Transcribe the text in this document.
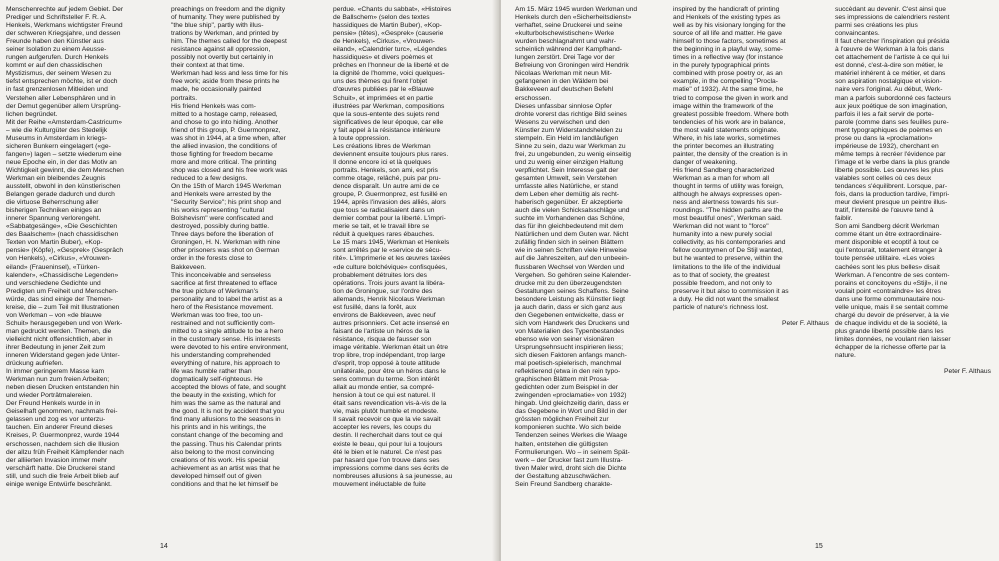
Menschenrechte auf jedem Gebiet. Der
Prediger und Schriftsteller F. R. A.
Henkels, Werkmans wichtigster Freund
der schweren Kriegsjahre, und dessen
Freunde haben den Künstler aus
seiner Isolation zu einem Aeusse-
rungen aufgerufen. Durch Henkels
kommt er auf den chassidischen
Mystizismus, der seinem Wesen zu
tiefst entsprechen möchte, ist er doch
in fast grenzenlosen Mitleiden und
Verstehen aller Lebensphären und in
der Demut gegenüber allem Ursprüng-
lichen begründet.
Mit der Reihe «Amsterdam-Castricum»
– wie die Kulturgüter des Stedelijk
Museums in Amsterdam in kriegs-
sicheren Bunkern eingelagert («ge-
fangen») lagen – setzte wiederum eine
neue Epoche ein, in der das Motiv an
Wichtigkeit gewinnt, die dem Menschen
Werkman ein bleibendes Zeugnis
ausstellt, obwohl in den künstlerischen
Belangen gerade dadurch und durch
die virtuose Beherrschung aller
bisherigen Techniken einiges an
innerer Spannung verlorengeht.
«Sabbatgesänge», «Die Geschichten
des Baalschem» (nach chassidischen
Texten von Martin Buber), «Kop-
pensie» (Köpfe), «Gesprek» (Gespräch
von Henkels), «Cirkus», «Vrouwen-
eiland» (Fraueninsel), «Türken-
kalender», «Chassidische Legenden»
und verschiedene Gedichte und
Predigten um Freiheit und Menschen-
würde, das sind einige der Themen-
kreise, die – zum Teil mit Illustrationen
von Werkman – von «de blauwe
Schuit» herausgegeben und von Werk-
man gedruckt werden. Themen, die
vielleicht nicht offensichtlich, aber in
ihrer Bedeutung in jener Zeit zum
inneren Widerstand gegen jede Unter-
drückung aufriefen.
In immer geringerem Masse kam
Werkman nun zum freien Arbeiten;
neben diesen Drucken entstanden hin
und wieder Porträtmalereien.
Der Freund Henkels wurde in in
Geiselhaft genommen, nachmals frei-
gelassen und zog es vor unterzu-
tauchen. Ein anderer Freund dieses
Kreises, P. Guermonprez, wurde 1944
erschossen, nachdem sich die Illusion
der allzu früh Freiheit Kämpfender nach
der alliierten Invasion immer mehr
verschärft hatte. Die Druckerei stand
still, und such die freie Arbeit blieb auf
einige wenige Entwürfe beschränkt.
preachings on freedom and the dignity
of humanity. They were published by
"the blue ship", partly with illus-
trations by Werkman, and printed by
him. The themes called for the deepest
resistance against all oppression,
possibly not overtly but certainly in
their context at that time.
Werkman had less and less time for his
free work; aside from these prints he
made, he occasionally painted
portraits.
His friend Henkels was com-
mitted to a hostage camp, released,
and chose to go into hiding. Another
friend of this group, P. Guermonprez,
was shot in 1944, at a time when, after
the allied invasion, the conditions of
those fighting for freedom became
more and more critical. The printing
shop was closed and his free work was
reduced to a few designs.
On the 15th of March 1945 Werkman
and Henkels were arrested by the
"Security Service"; his print shop and
his works representing "cultural
Bolshevism" were confiscated and
destroyed, possibly during battle.
Three days before the liberation of
Groningen, H. N. Werkman with nine
other prisoners was shot on German
order in the forests close to
Bakkeveen.
This inconceivable and senseless
sacrifice at first threatened to efface
the true picture of Werkman's
personality and to label the artist as a
hero of the Resistance movement.
Werkman was too free, too un-
restrained and not sufficiently com-
mitted to a single attitude to be a hero
in the customary sense. His interests
were devoted to his entire environment,
his understanding comprehended
everything of nature, his approach to
life was humble rather than
dogmatically self-righteous. He
accepted the blows of fate, and sought
the beauty in the existing, which for
him was the same as the natural and
the good. It is not by accident that you
find many allusions to the seasons in
his prints and in his writings, the
constant change of the becoming and
the passing. Thus his Calendar prints
also belong to the most convincing
creations of his work. His special
achievement as an artist was that he
developed himself out of given
conditions and that he let himself be
perdue. «Chants du sabbat», «Histoires
de Ballschem» (selon des textes
hassidiques de Martin Buber), «Kop-
pensie» (têtes), «Gesprek» (causerie
de Henkels), «Cirkus», «Vrouwen-
eiland», «Calendrier turc», «Légendes
hassidiques» et divers poèmes et
prêches en l'honneur de la liberté et de
la dignité de l'homme, voici quelques-
uns des thèmes qui firent l'objet
d'œuvres publiées par le «Blauwe
Schuit», et imprimées et en partie
illustrées par Werkman, compositions
que la sous-entente des sujets rend
significatives de leur époque, car elle
y fait appel à la résistance intérieure
à toute oppression.
Les créations libres de Werkman
deviennent ensuite toujours plus rares.
Il donne encore ici et là quelques
portraits. Henkels, son ami, est pris
comme otage, relâché, puis par pru-
dence disparaît. Un autre ami de ce
groupe, P. Guermonprez, est fusillé en
1944, après l'invasion des alliés, alors
que tous se radicalisaient dans un
dernier combat pour la liberté. L'impri-
merie se tait, et le travail libre se
réduit à quelques rares ébauches.
Le 15 mars 1945, Werkman et Henkels
sont arrêtés par le «service de sécu-
rité». L'imprimerie et les œuvres taxées
«de culture bolchévique» confisquées,
probablement détruites lors des
opérations. Trois jours avant la libéra-
tion de Groningue, sur l'ordre des
allemands, Henrik Nicolaus Werkman
est fusillé, dans la forêt, aux
environs de Bakkeveen, avec neuf
autres prisonniers. Cet acte insensé en
faisant de l'artiste un héros de la
résistance, risqua de fausser son
image véritable. Werkman était un être
trop libre, trop indépendant, trop large
d'esprit, trop opposé à toute attitude
unilatérale, pour être un héros dans le
sens commun du terme. Son intérêt
allait au monde entier, sa compré-
hension à tout ce qui est naturel. Il
était sans revendication vis-à-vis de la
vie, mais plutôt humble et modeste.
Il savait recevoir ce que la vie savait
accepter les revers, les coups du
destin. Il recherchait dans tout ce qui
existe le beau, qui pour lui a toujours
été le bien et le naturel. Ce n'est pas
par hasard que l'on trouve dans ses
impressions comme dans ses écrits de
nombreuses allusions à sa jeunesse, au
mouvement inéluctable de fuite
14
Am 15. März 1945 wurden Werkman und
Henkels durch den «Sicherheitsdienst»
verhaftet, seine Druckerei und seine
«kulturbolschewistischen» Werke
wurden beschlagnahmt und wahr-
scheinlich während der Kampfhand-
lungen zerstört. Drei Tage vor der
Befreiung von Groningen wird Hendrik
Nicolaas Werkman mit neun Mit-
gefangenen in den Wäldern bei
Bakkeveen auf deutschen Befehl
erschossen.
Dieses unfassbar sinnlose Opfer
drohte vorerst das richtige Bild seines
Wesens zu verwischen und den
Künstler zum Widerstandshelden zu
stempeln. Ein Held im landläufigen
Sinne zu sein, dazu war Werkman zu
frei, zu ungebunden, zu wenig einseitig
und zu wenig einer einzigen Haltung
verpflichtet. Sein Interesse galt der
gesamten Umwelt, sein Verstehen
umfasste alles Natürliche, er stand
dem Leben eher demütig als recht-
haberisch gegenüber. Er akzeptierte
auch die vielen Schicksalsschläge und
suchte im Vorhandenen das Schöne,
das für ihn gleichbedeutend mit dem
Natürlichen und dem Guten war. Nicht
zufällig finden sich in seinen Blättern
wie in seinen Schriften viele Hinweise
auf die Jahreszeiten, auf den unbeein-
flussbaren Wechsel von Werden und
Vergehen. So gehören seine Kalender-
drucke mit zu den überzeugendsten
Gestaltungen seines Schaffens. Seine
besondere Leistung als Künstler liegt
ja auch darin, dass er sich ganz aus
den Gegebenen entwickelte, dass er
sich vom Handwerk des Druckens und
von Materialien des Typenbestandes
ebenso wie von seiner visionären
Ursprungsehnsucht inspirieren liess;
sich diesen Faktoren anfangs manch-
mal poetisch-spielerisch, manchmal
reflektierend (etwa in den rein typo-
graphischen Blättern mit Prosa-
gedichten oder zum Beispiel in der
zwingenden «proclamatie» von 1932)
hingab. Und gleichzeitig darin, dass er
das Gegebene in Wort und Bild in der
grössten möglichen Freiheit zur
komponieren suchte. Wo sich beide
Tendenzen seines Werkes die Waage
halten, entstehen die gültigsten
Formulierungen. Wo – in seinem Spät-
werk – der Drucker fast zum Illustra-
tiven Maler wird, droht sich die Dichte
der Gestaltung abzuschwächen.
Sein Freund Sandberg charakte-
inspired by the handicraft of printing
and Henkels of the existing types as
well as by his visionary longing for the
source of all life and matter. He gave
himself to those factors, sometimes at
the beginning in a playful way, some-
times in a reflective way (for instance
in the purely typographical prints
combined with prose poetry or, as an
example, in the compelling "Procla-
matie" of 1932). At the same time, he
tried to compose the given in work and
image within the framework of the
greatest possible freedom. Where both
tendencies of his work are in balance,
the most valid statements originate.
Where, in his late works, sometimes
the printer becomes an illustrating
painter, the density of the creation is in
danger of weakening.
His friend Sandberg characterized
Werkman as a man for whom all
thought in terms of utility was foreign,
although he always expresses open-
ness and alertness towards his sur-
roundings. "The hidden paths are the
most beautiful ones", Werkman said.
Werkman did not want to "force"
humanity into a new purely social
collectivity, as his contemporaries and
fellow countrymen of De Stijl wanted,
but he wanted to preserve, within the
limitations to the life of the individual
as to that of society, the greatest
possible freedom, and not only to
preserve it but also to commission it as
a duty. He did not want the smallest
particle of nature's richness lost.

Peter F. Althaus
succèdant au devenir. C'est ainsi que
ses impressions de calendriers restent
parmi ses créations les plus
convaincantes.
Il faut chercher l'inspiration qui présida
à l'œuvre de Werkman à la fois dans
cet attachement de l'artiste à ce qui lui
est donné, c'est-à-dire son métier, le
matériel inhérent à ce métier, et dans
son aspiration nostalgique et vision-
naire vers l'original. Au début, Werk-
man a parfois subordonné ces facteurs
aux jeux poétique de son imagination,
parfois il les a fait servir de porte-
parole (comme dans ses feuilles pure-
ment typographiques de poèmes en
prose ou dans la «proclamation»
impérieuse de 1932), cherchant en
même temps à recréer l'évidence par
l'image et le verbe dans la plus grande
liberté possible. Les œuvres les plus
valables sont celles où ces deux
tendances s'équilibrent. Lorsque, par-
fois, dans la production tardive, l'impri-
meur devient presque un peintre illus-
tratif, l'intensité de l'œuvre tend à
faiblir.
Son ami Sandberg décrit Werkman
comme étant un être extraordinaire-
ment disponible et ecoptif à tout ce
qui l'entourait, totalement étranger à
toute pensée utilitaire. «Les voies
cachées sont les plus belles» disait
Werkman. A l'encontre de ses contem-
porains et concitoyens du «Stijl», il ne
voulait point «contraindre» les êtres
dans une forme communautaire nou-
velle unique, mais il se sentait comme
chargé du devoir de préserver, à la vie
de chaque individu et de la société, la
plus grande liberté possible dans les
limites données, ne voulant rien laisser
échapper de la richesse offerte par la
nature.

Peter F. Althaus
15
